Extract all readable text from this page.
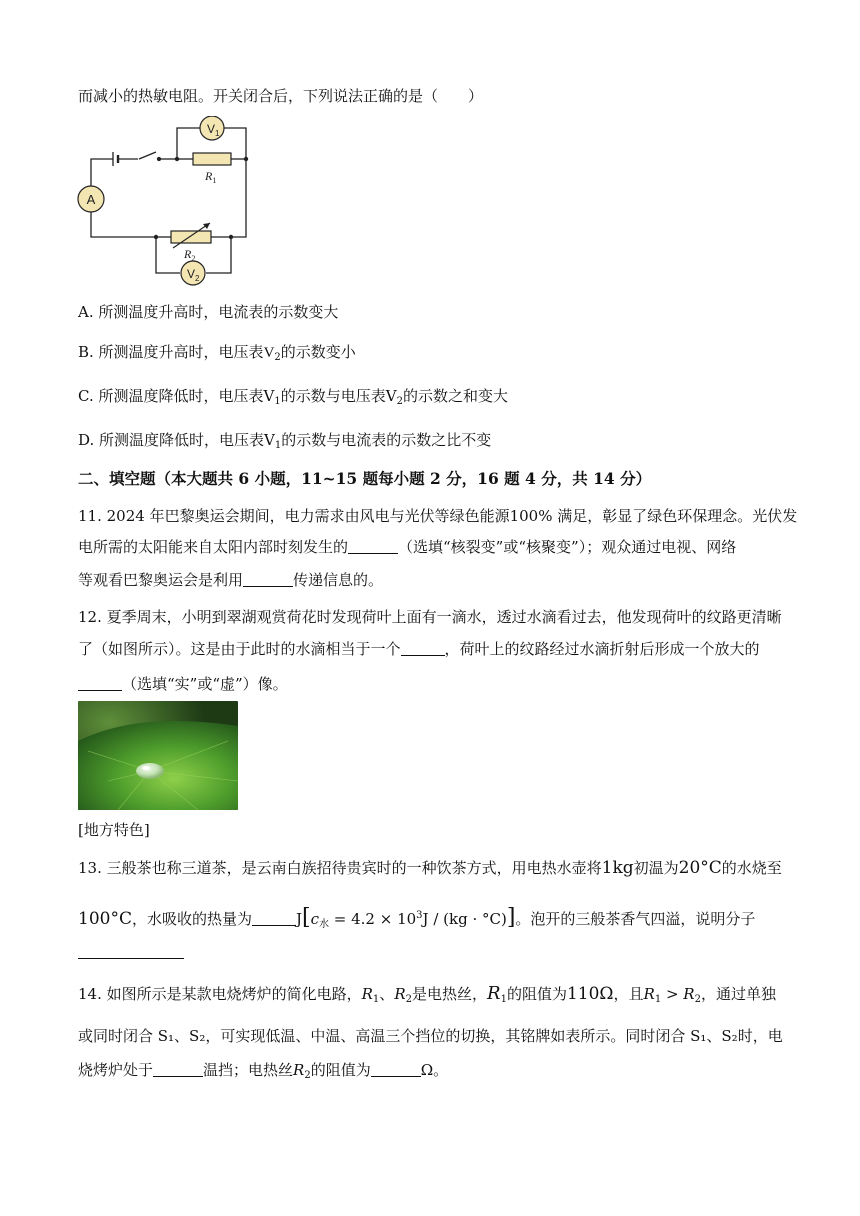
而减小的热敏电阻。开关闭合后，下列说法正确的是（　　）
A
$V_1$
$V_2$
$R_1$
$R_2$
A. 所测温度升高时，电流表的示数变大
B. 所测温度升高时，电压表$V_2$的示数变小
C. 所测温度降低时，电压表$V_1$的示数与电压表$V_2$的示数之和变大
D. 所测温度降低时，电压表$V_1$的示数与电流表的示数之比不变
二、填空题（本大题共 6 小题，11~15 题每小题 2 分，16 题 4 分，共 14 分）
11. 2024 年巴黎奥运会期间，电力需求由风电与光伏等绿色能源100% 满足，彰显了绿色环保理念。光伏发
电所需的太阳能来自太阳内部时刻发生的	（选填“核裂变”或“核聚变”）；观众通过电视、网络
等观看巴黎奥运会是利用	传递信息的。
12. 夏季周末，小明到翠湖观赏荷花时发现荷叶上面有一滴水，透过水滴看过去，他发现荷叶的纹路更清晰
了（如图所示）。这是由于此时的水滴相当于一个	，荷叶上的纹路经过水滴折射后形成一个放大的
（选填“实”或“虚”）像。
[地方特色]
13. 三般茶也称三道茶，是云南白族招待贵宾时的一种饮茶方式，用电热水壶将1kg初温为20°C的水烧至
100°C，水吸收的热量为	$J[c_水 = 4.2 \times 10^3J / (kg \cdot ^\circ C)]$。泡开的三般茶香气四溢，说明分子
14. 如图所示是某款电烧烤炉的简化电路，$R_1$、$R_2$是电热丝，$R_1$的阻值为110Ω，且$R_1 > R_2$，通过单独
或同时闭合 S₁、S₂，可实现低温、中温、高温三个挡位的切换，其铭牌如表所示。同时闭合 S₁、S₂时，电
烧烤炉处于	温挡；电热丝$R_2$的阻值为	Ω。
